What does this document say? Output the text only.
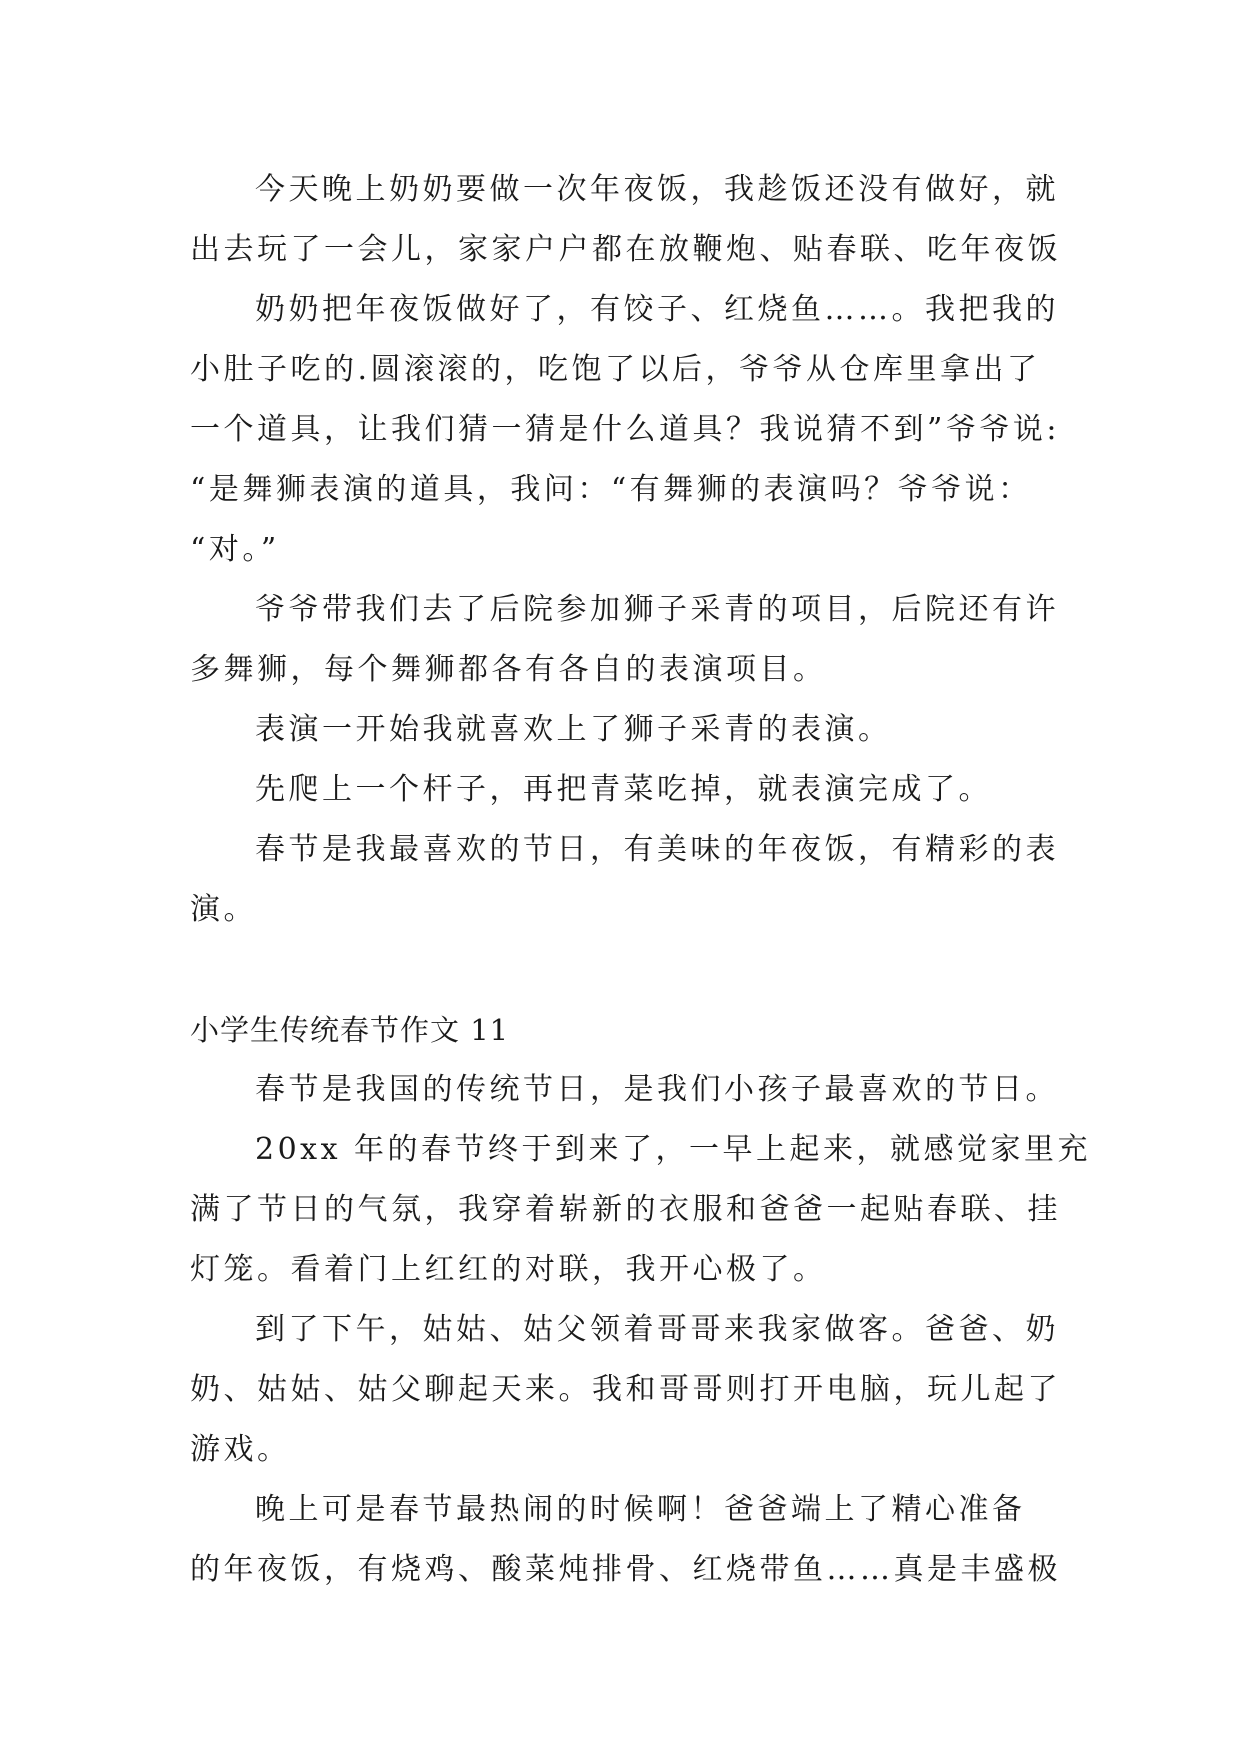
今天晚上奶奶要做一次年夜饭，我趁饭还没有做好，就
出去玩了一会儿，家家户户都在放鞭炮、贴春联、吃年夜饭
奶奶把年夜饭做好了，有饺子、红烧鱼……。我把我的
小肚子吃的.圆滚滚的，吃饱了以后，爷爷从仓库里拿出了
一个道具，让我们猜一猜是什么道具？我说猜不到”爷爷说:
“是舞狮表演的道具，我问：“有舞狮的表演吗？爷爷说：
“对。”
爷爷带我们去了后院参加狮子采青的项目，后院还有许
多舞狮，每个舞狮都各有各自的表演项目。
表演一开始我就喜欢上了狮子采青的表演。
先爬上一个杆子，再把青菜吃掉，就表演完成了。
春节是我最喜欢的节日，有美味的年夜饭，有精彩的表
演。
小学生传统春节作文 11
春节是我国的传统节日，是我们小孩子最喜欢的节日。
20xx 年的春节终于到来了，一早上起来，就感觉家里充
满了节日的气氛，我穿着崭新的衣服和爸爸一起贴春联、挂
灯笼。看着门上红红的对联，我开心极了。
到了下午，姑姑、姑父领着哥哥来我家做客。爸爸、奶
奶、姑姑、姑父聊起天来。我和哥哥则打开电脑，玩儿起了
游戏。
晚上可是春节最热闹的时候啊！爸爸端上了精心准备
的年夜饭，有烧鸡、酸菜炖排骨、红烧带鱼……真是丰盛极
